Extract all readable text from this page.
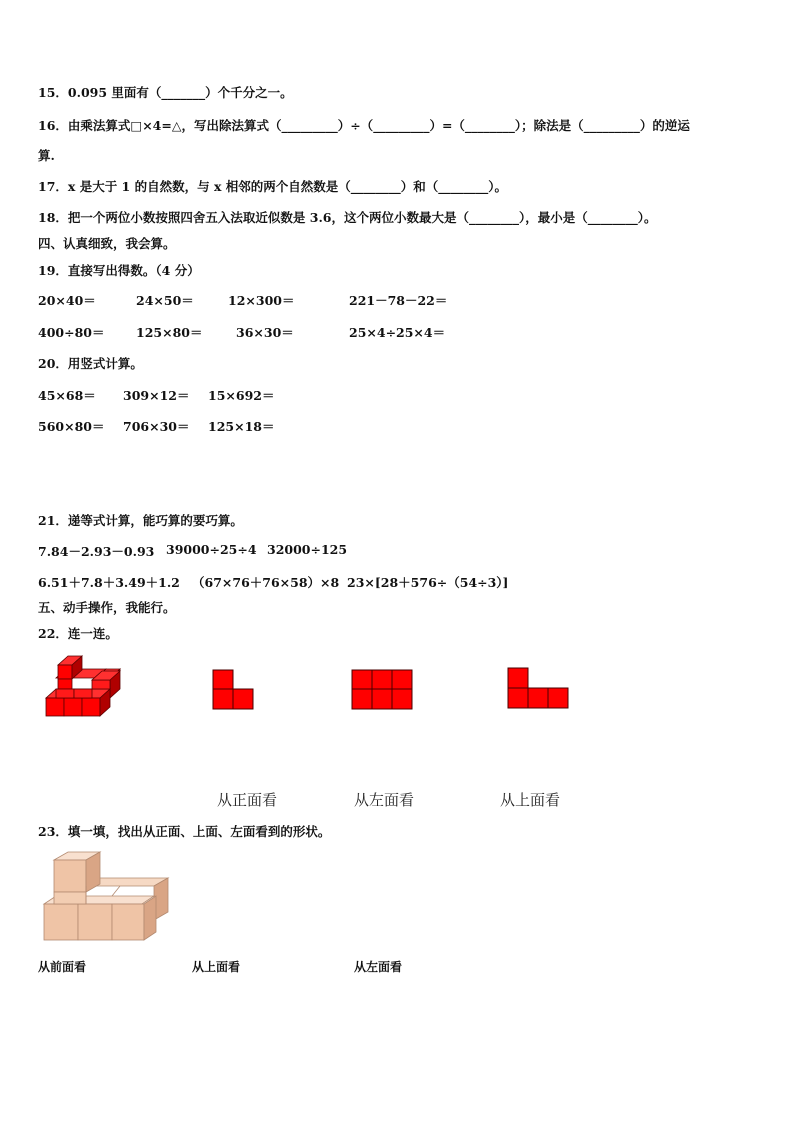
15．0.095 里面有（_______）个千分之一。
16．由乘法算式□×4=△，写出除法算式（_________）÷（_________）=（________）；除法是（_________）的逆运
算.
17．x 是大于 1 的自然数，与 x 相邻的两个自然数是（________）和（________）。
18．把一个两位小数按照四舍五入法取近似数是 3.6，这个两位小数最大是（________），最小是（________）。
四、认真细致，我会算。
19．直接写出得数。（4 分）
20×40＝	24×50＝	12×300＝	221－78－22＝
400÷80＝	125×80＝	36×30＝	25×4÷25×4＝
20．用竖式计算。
45×68＝ 309×12＝ 15×692＝
560×80＝ 706×30＝ 125×18＝
21．递等式计算，能巧算的要巧算。
7.84－2.93－0.93 39000÷25÷4 32000÷125
6.51＋7.8＋3.49＋1.2 （67×76＋76×58）×8 23×[28＋576÷（54÷3）]
五、动手操作，我能行。
22．连一连。
从正面看	从左面看	从上面看
23．填一填，找出从正面、上面、左面看到的形状。
从前面看	从上面看	从左面看
